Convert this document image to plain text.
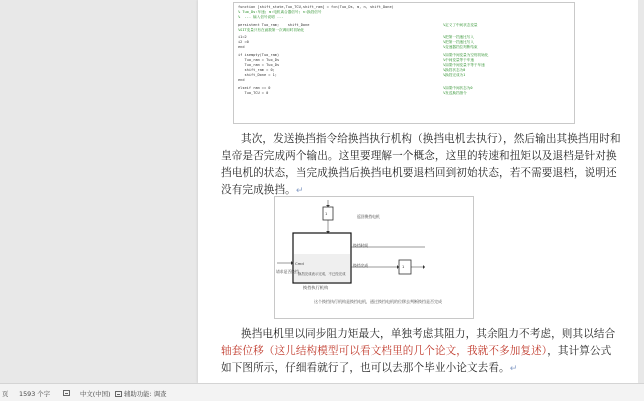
function [shift_state,Tuo_TCU,shift_ram] = fcn(Tuo_Ds, m, n, shift_Done)
% Tuo_Ds:车速; m:电机离合器信号; n:换挡信号
%  --- 输入信号说明 ---
persistent Tuo_ram;    shift_Done	%定义了中间状态变量
%SIT变量只有在函数第一次调用时初始化
i1=2	%把第一挡速比写入
i2 =0	%把第一挡速比写入
end	%变速器挡位判断结束
if isempty(Tuo_ram)	%如果中间变量为空则初始化
Tuo_ram = Tuo_Ds	%中间变量等于车速
Tuo_ram = Tuo_Ds	%如果中间变量不等于车速
shift_ram = 0;	%换挡状态为0
shift_Done = 1;	%换挡完成为1
end
elseif ram == 0	%如果中间状态为0
Tuo_TCU = 0	%发送换挡指令
其次，发送换挡指令给换挡执行机构（换挡电机去执行），然后输出其换挡用时和皇帝是否完成两个输出。这里要理解一个概念，这里的转速和扭矩以及退档是针对换挡电机的状态，当完成换挡后换挡电机要退档回到初始状态，若不需要退档，说明还没有完成换挡。↵
1
返回換挡电机
Cmd
请求是否换挡
换挡时间
换挡完成	1
换挡完成表示完成，不已经完成
换挡执行机构
这个换挡执行机构是换挡电机，通过换挡电机的位移去判断换挡是否完成
换挡电机里以同步阻力矩最大，单独考虑其阻力，其余阻力不考虑，则其以结合轴套位移（这儿结构模型可以看文档里的几个论文，我就不多加复述），其计算公式如下图所示，仔细看就行了，也可以去那个毕业小论文去看。↵
页 1593 个字	中文(中国)	辅助功能: 调查
